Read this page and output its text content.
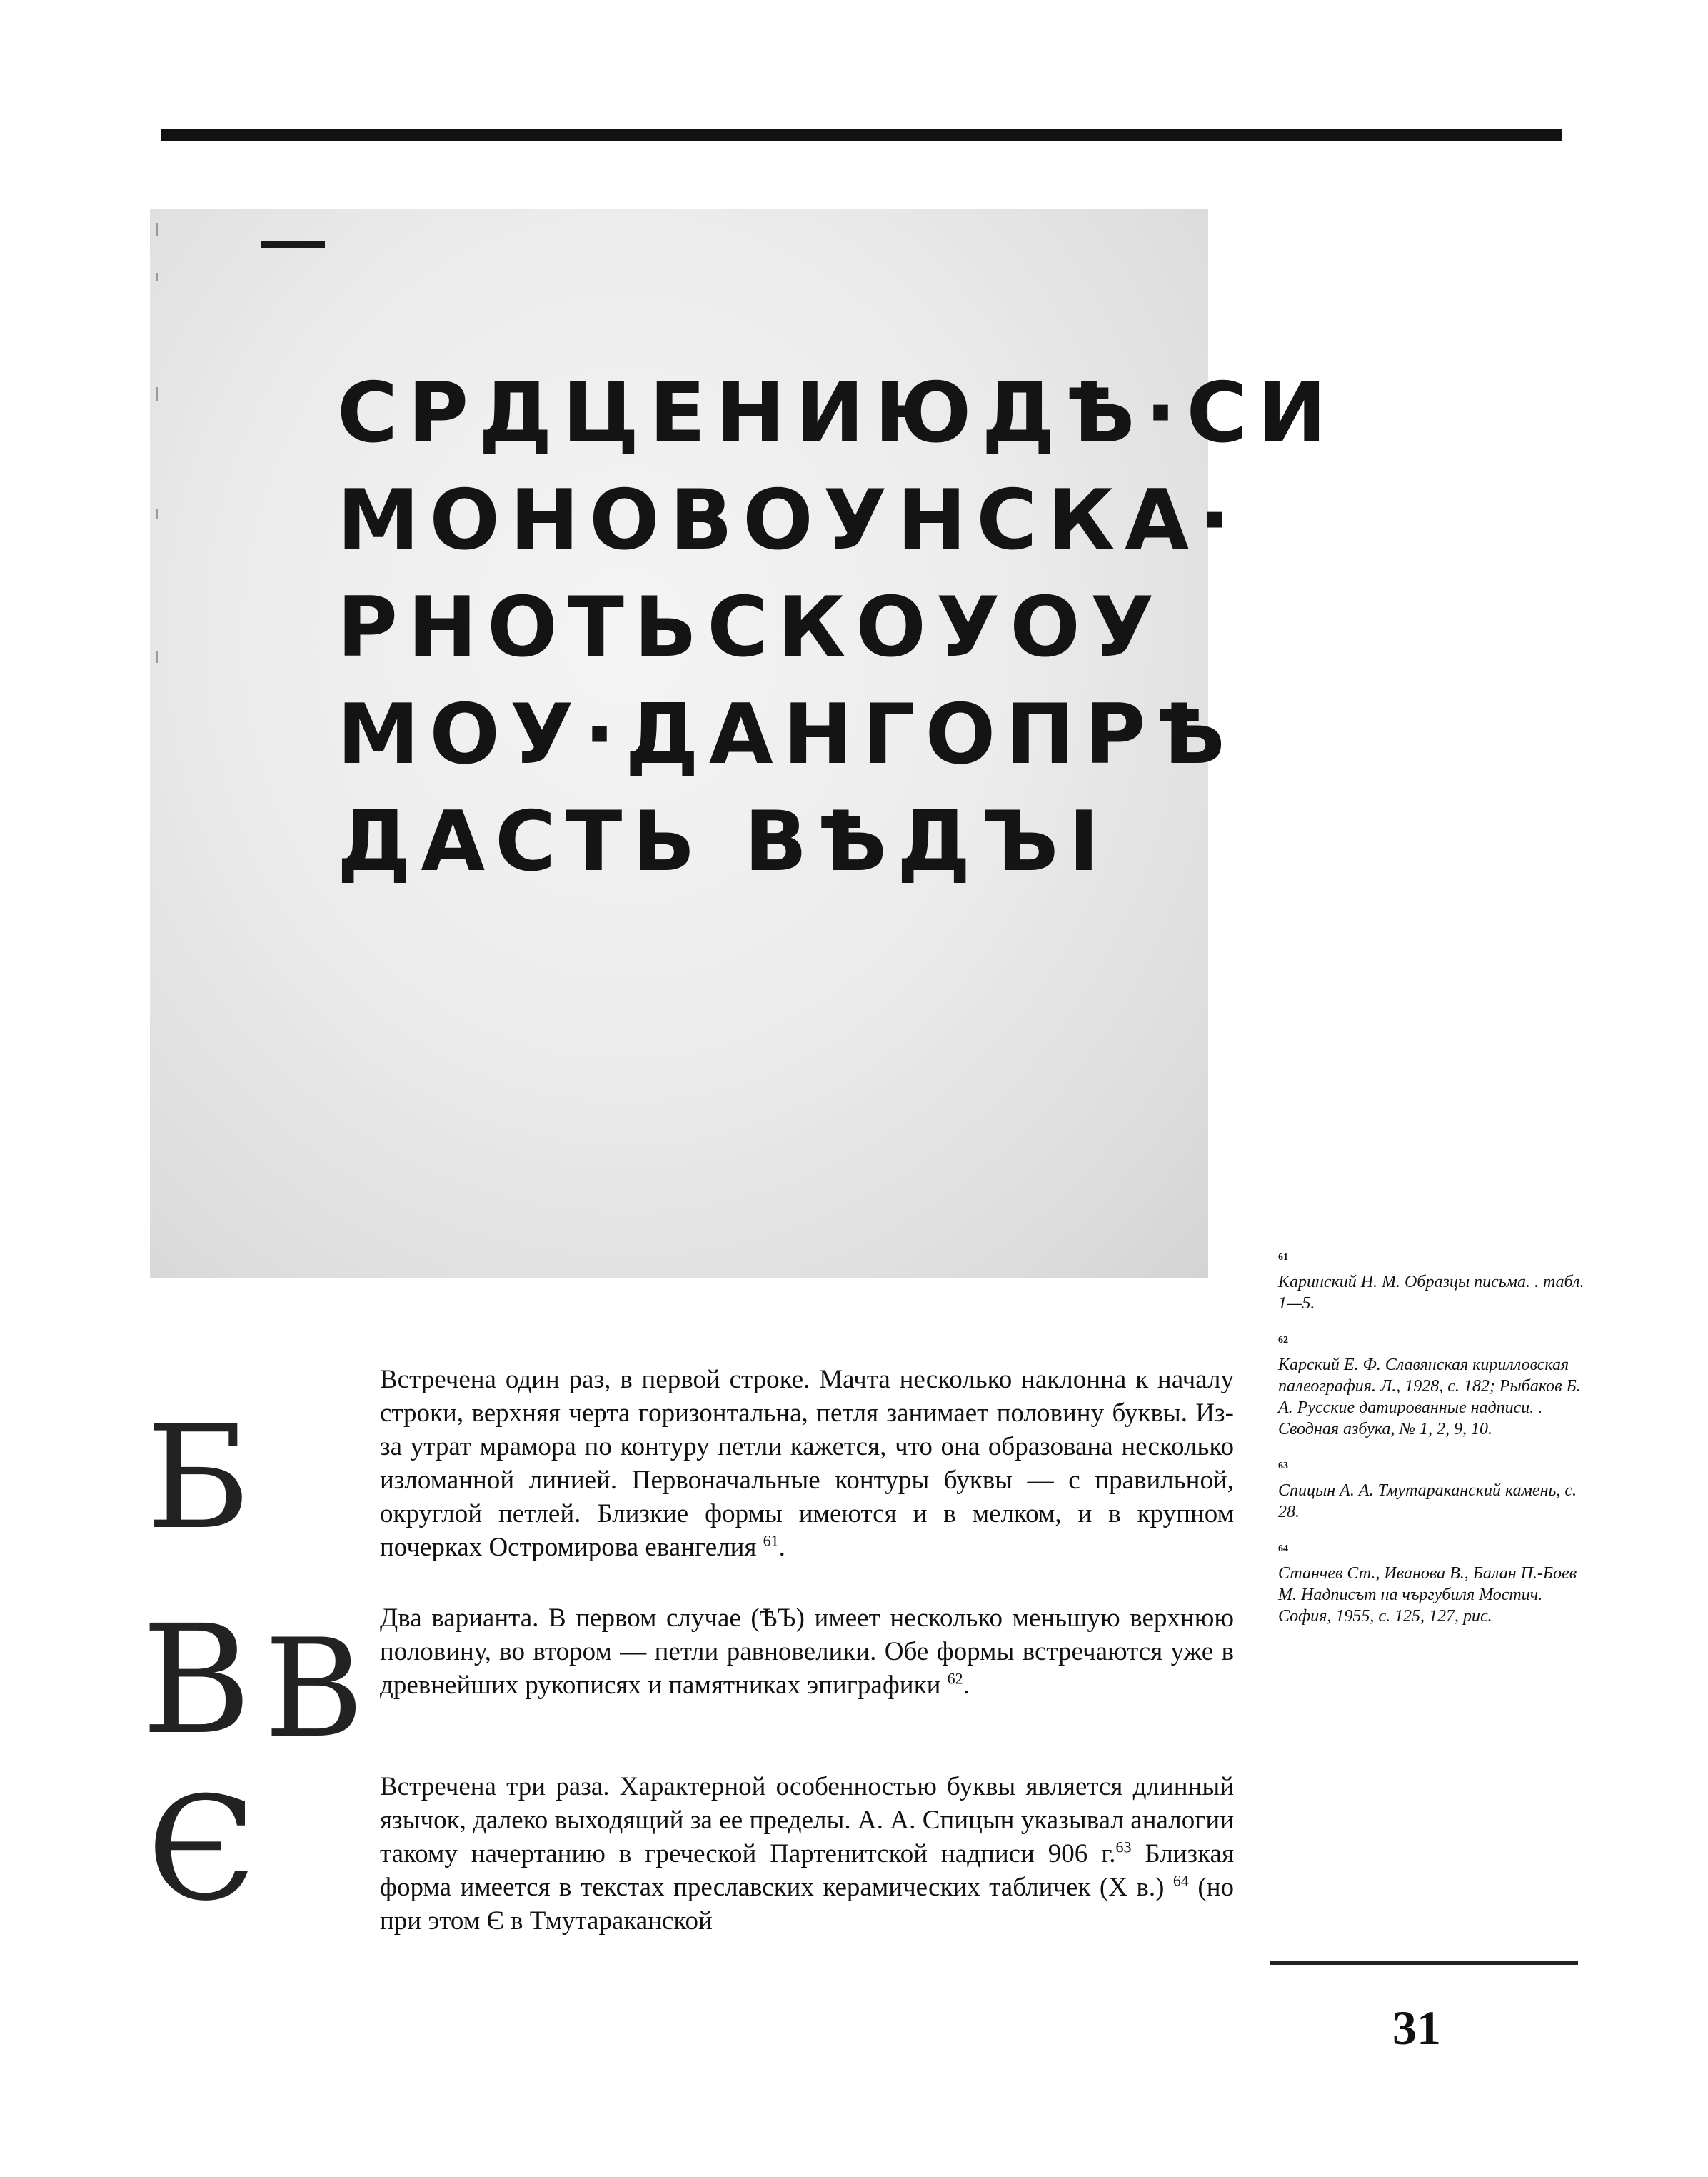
СРДЦЕНИЮДѢ·СИ

МОНОВОУНСКА·

РНОТЬСКОУОУ

МОУ·ДАНГОПРѢ

ДАСТЬ ВѢДЪI

Б
В В
Є

Встречена один раз, в первой строке. Мачта несколько наклонна к началу строки, верхняя черта горизонтальна, петля занимает половину буквы. Из-за утрат мрамора по контуру петли кажется, что она образована несколько изломанной линией. Первоначальные контуры буквы — с правильной, округлой петлей. Близкие формы имеются и в мелком, и в крупном почерках Остромирова евангелия $^{61}$.

Два варианта. В первом случае (ѢЪ) имеет несколько меньшую верхнюю половину, во втором — петли равновелики. Обе формы встречаются уже в древнейших рукописях и памятниках эпиграфики $^{62}$.

Встречена три раза. Характерной особенностью буквы является длинный язычок, далеко выходящий за ее пределы. А. А. Спицын указывал аналогии такому начертанию в греческой Партенитской надписи 906 г.$^{63}$ Близкая форма имеется в текстах преславских керамических табличек (X в.) $^{64}$ (но при этом Є в Тмутараканской

61
Каринский Н. М. Образцы письма. . табл. 1—5.
62
Карский Е. Ф. Славянская кирилловская палеография. Л., 1928, с. 182; Рыбаков Б. А. Русские датированные надписи. . Сводная азбука, № 1, 2, 9, 10.
63
Спицын А. А. Тмутараканский камень, с. 28.
64
Станчев Ст., Иванова В., Балан П.-Боев М. Надписът на чъргубиля Мостич. София, 1955, с. 125, 127, рис.
31
